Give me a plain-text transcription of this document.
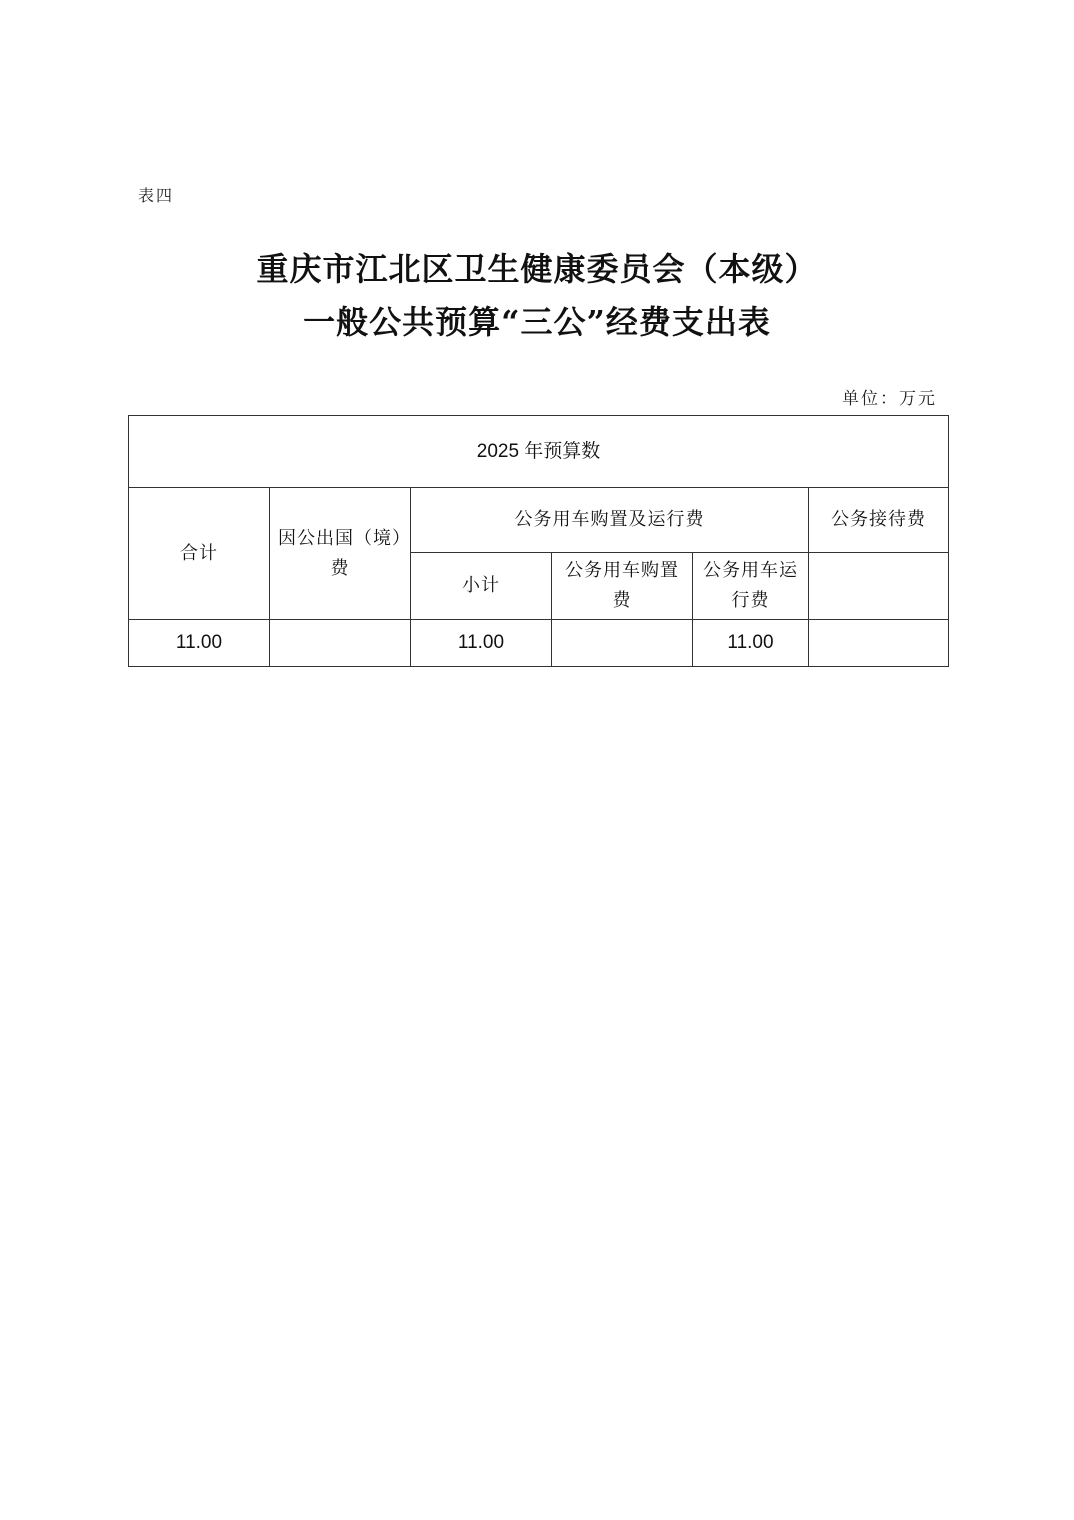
表四
重庆市江北区卫生健康委员会（本级）
一般公共预算“三公”经费支出表
单位：万元
2025 年预算数					
合计	因公出国（境）费	公务用车购置及运行费			公务接待费
		小计	公务用车购置费	公务用车运行费	
11.00		11.00		11.00	
